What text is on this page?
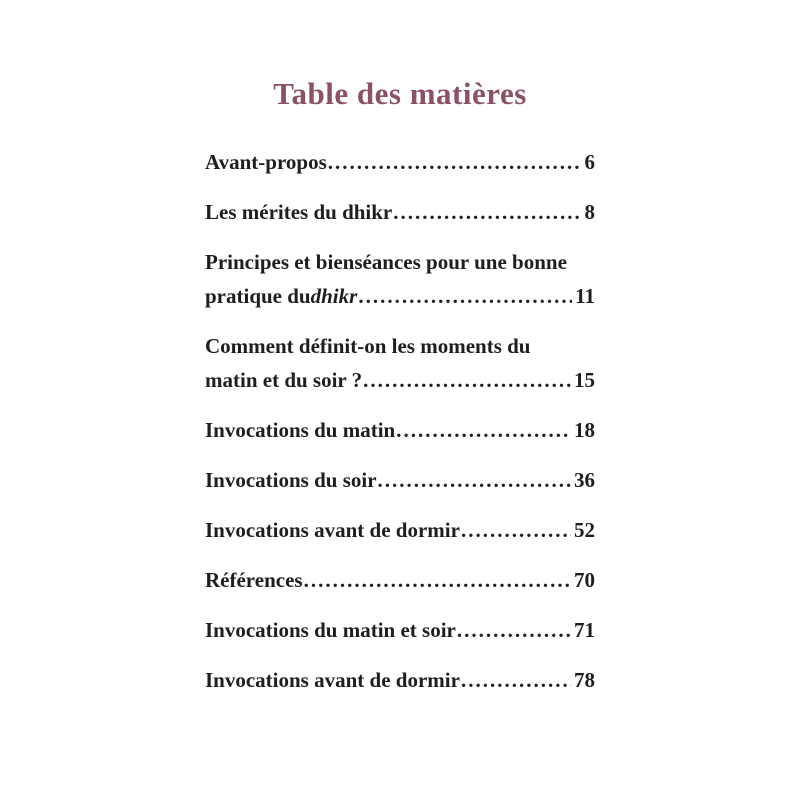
Table des matières
Avant-propos .....	6
Les mérites du dhikr .....	8
Principes et bienséances pour une bonne
pratique du dhikr .....	11
Comment définit-on les moments du
matin et du soir ? .....	15
Invocations du matin .....	18
Invocations du soir .....	36
Invocations avant de dormir .....	52
Références .....	70
Invocations du matin et soir .....	71
Invocations avant de dormir .....	78
